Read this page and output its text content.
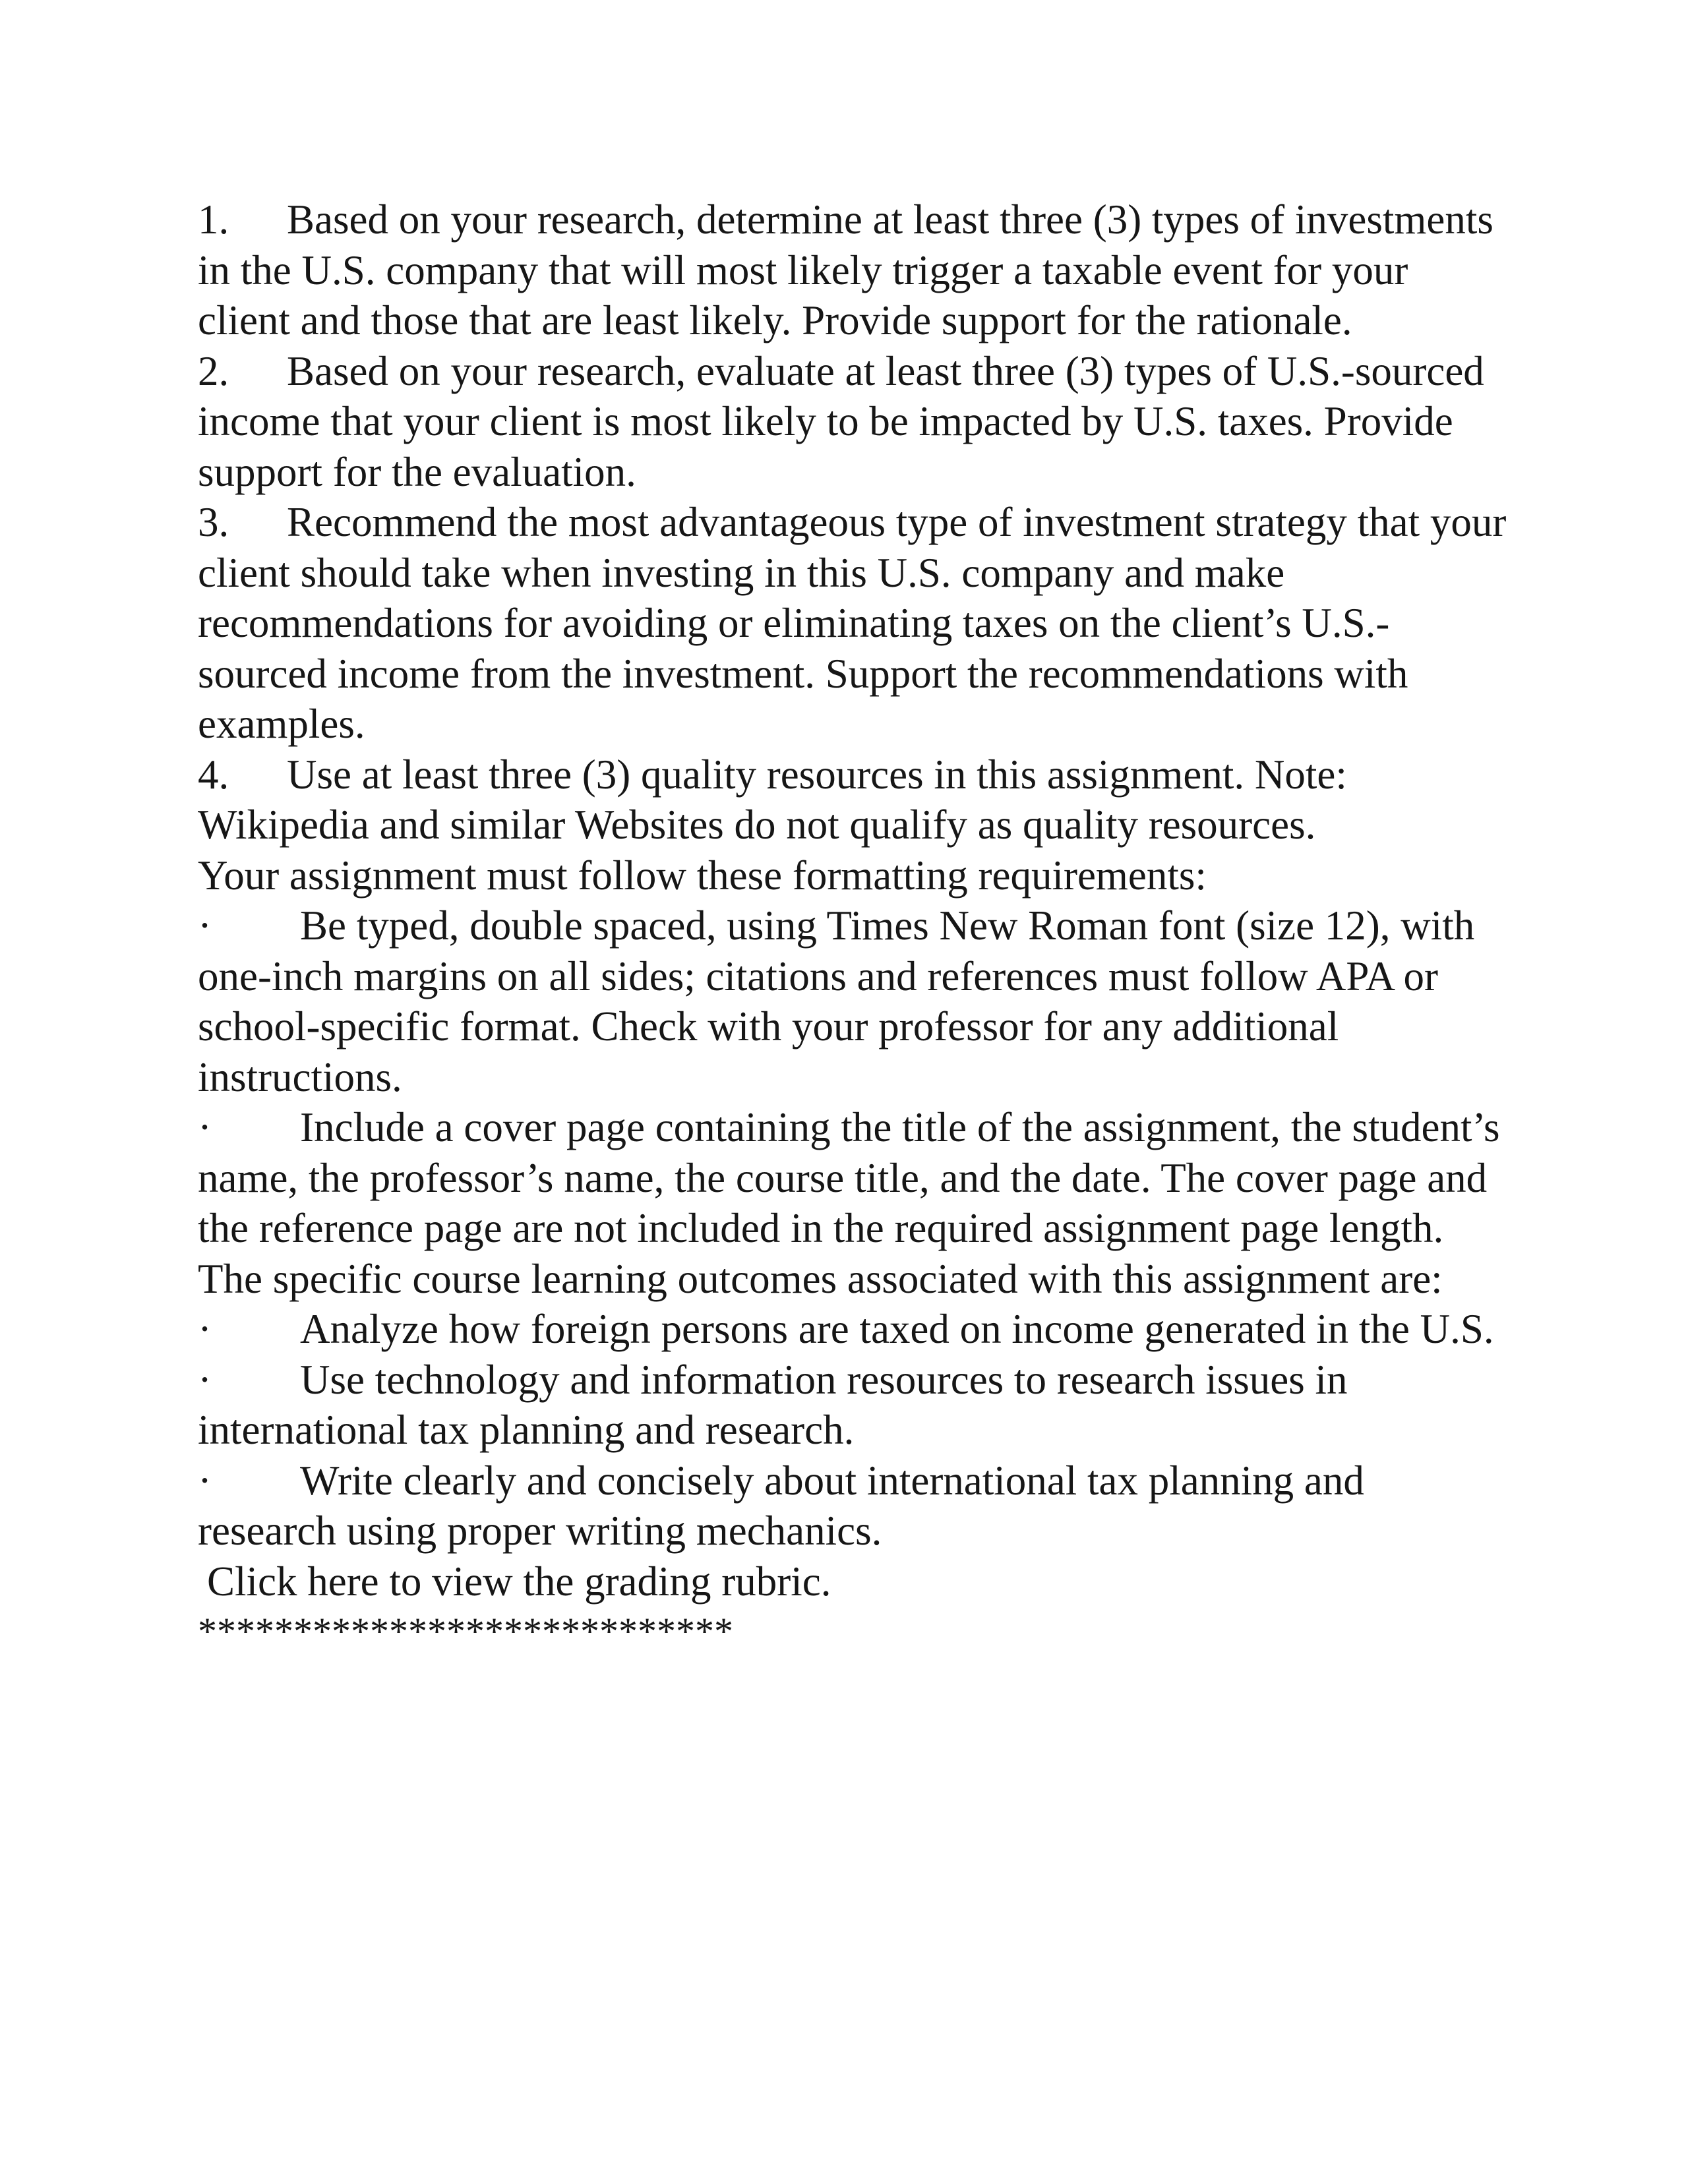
1. Based on your research, determine at least three (3) types of investments in the U.S. company that will most likely trigger a taxable event for your client and those that are least likely. Provide support for the rationale.

2. Based on your research, evaluate at least three (3) types of U.S.-sourced income that your client is most likely to be impacted by U.S. taxes. Provide support for the evaluation.

3. Recommend the most advantageous type of investment strategy that your client should take when investing in this U.S. company and make recommendations for avoiding or eliminating taxes on the client’s U.S.-sourced income from the investment. Support the recommendations with examples.

4. Use at least three (3) quality resources in this assignment. Note: Wikipedia and similar Websites do not qualify as quality resources.

Your assignment must follow these formatting requirements:

· Be typed, double spaced, using Times New Roman font (size 12), with one-inch margins on all sides; citations and references must follow APA or school-specific format. Check with your professor for any additional instructions.

· Include a cover page containing the title of the assignment, the student’s name, the professor’s name, the course title, and the date. The cover page and the reference page are not included in the required assignment page length.

The specific course learning outcomes associated with this assignment are:

· Analyze how foreign persons are taxed on income generated in the U.S.

· Use technology and information resources to research issues in international tax planning and research.

· Write clearly and concisely about international tax planning and research using proper writing mechanics.

Click here to view the grading rubric.

****************************
